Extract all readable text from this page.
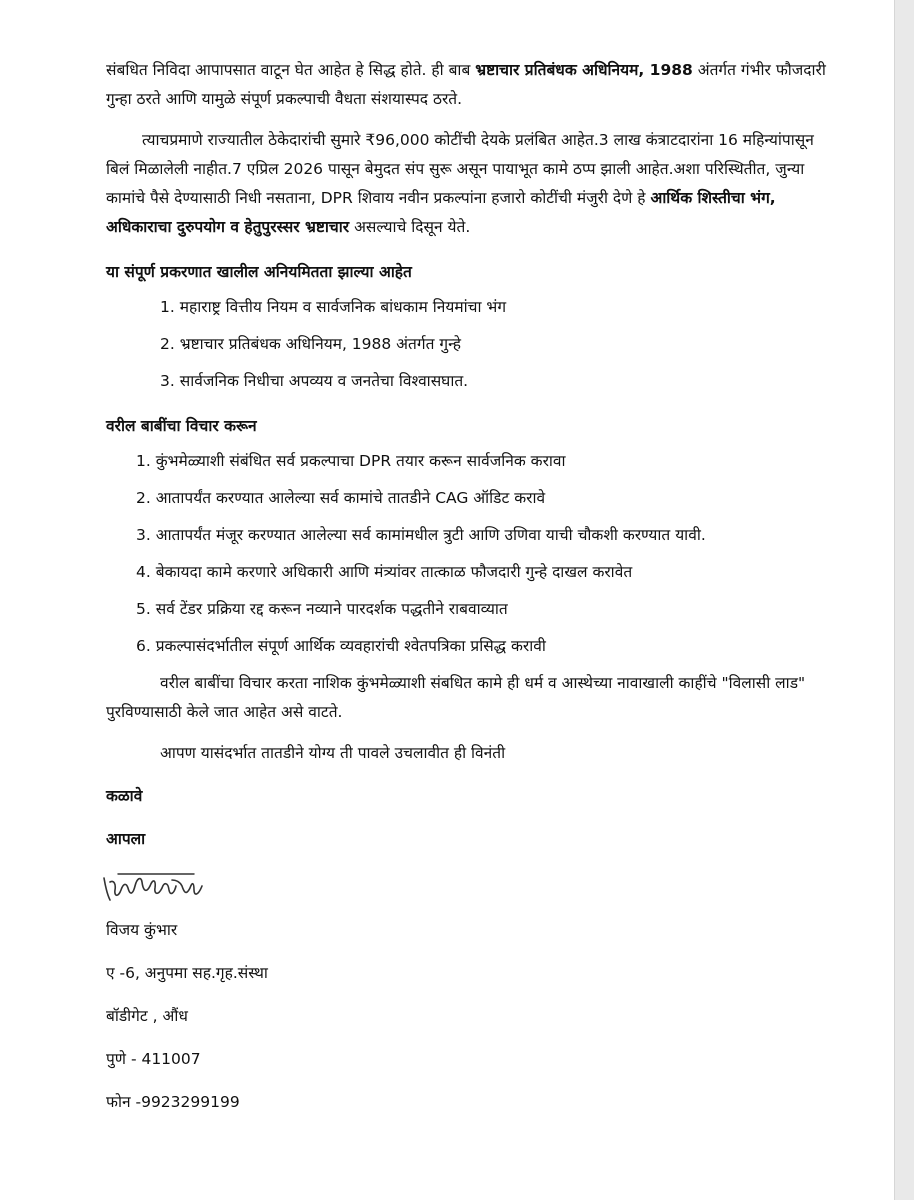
संबधित निविदा आपापसात वाटून घेत आहेत हे सिद्ध होते. ही बाब भ्रष्टाचार प्रतिबंधक अधिनियम, 1988 अंतर्गत गंभीर फौजदारी गुन्हा ठरते आणि यामुळे संपूर्ण प्रकल्पाची वैधता संशयास्पद ठरते.

त्याचप्रमाणे राज्यातील ठेकेदारांची सुमारे ₹96,000 कोटींची देयके प्रलंबित आहेत.3 लाख कंत्राटदारांना 16 महिन्यांपासून बिलं मिळालेली नाहीत.7 एप्रिल 2026 पासून बेमुदत संप सुरू असून पायाभूत कामे ठप्प झाली आहेत.अशा परिस्थितीत, जुन्या कामांचे पैसे देण्यासाठी निधी नसताना, DPR शिवाय नवीन प्रकल्पांना हजारो कोटींची मंजुरी देणे हे आर्थिक शिस्तीचा भंग, अधिकाराचा दुरुपयोग व हेतुपुरस्सर भ्रष्टाचार असल्याचे दिसून येते.

या संपूर्ण प्रकरणात खालील अनियमितता झाल्या आहेत

1. महाराष्ट्र वित्तीय नियम व सार्वजनिक बांधकाम नियमांचा भंग
2. भ्रष्टाचार प्रतिबंधक अधिनियम, 1988 अंतर्गत गुन्हे
3. सार्वजनिक निधीचा अपव्यय व जनतेचा विश्वासघात.

वरील बाबींचा विचार करून

1. कुंभमेळ्याशी संबंधित सर्व प्रकल्पाचा DPR तयार करून सार्वजनिक करावा
2. आतापर्यंत करण्यात आलेल्या सर्व कामांचे तातडीने CAG ऑडिट करावे
3. आतापर्यंत मंजूर करण्यात आलेल्या सर्व कामांमधील त्रुटी आणि उणिवा याची चौकशी करण्यात यावी.
4. बेकायदा कामे करणारे अधिकारी आणि मंत्र्यांवर तात्काळ फौजदारी गुन्हे दाखल करावेत
5. सर्व टेंडर प्रक्रिया रद्द करून नव्याने पारदर्शक पद्धतीने राबवाव्यात
6. प्रकल्पासंदर्भातील संपूर्ण आर्थिक व्यवहारांची श्वेतपत्रिका प्रसिद्ध करावी

वरील बाबींचा विचार करता नाशिक कुंभमेळ्याशी संबधित कामे ही धर्म व आस्थेच्या नावाखाली काहींचे "विलासी लाड" पुरविण्यासाठी केले जात आहेत असे वाटते.

आपण यासंदर्भात तातडीने योग्य ती पावले उचलावीत ही विनंती

कळावे

आपला

विजय कुंभार

ए -6, अनुपमा सह.गृह.संस्था

बॉडीगेट , औंध

पुणे - 411007

फोन -9923299199
